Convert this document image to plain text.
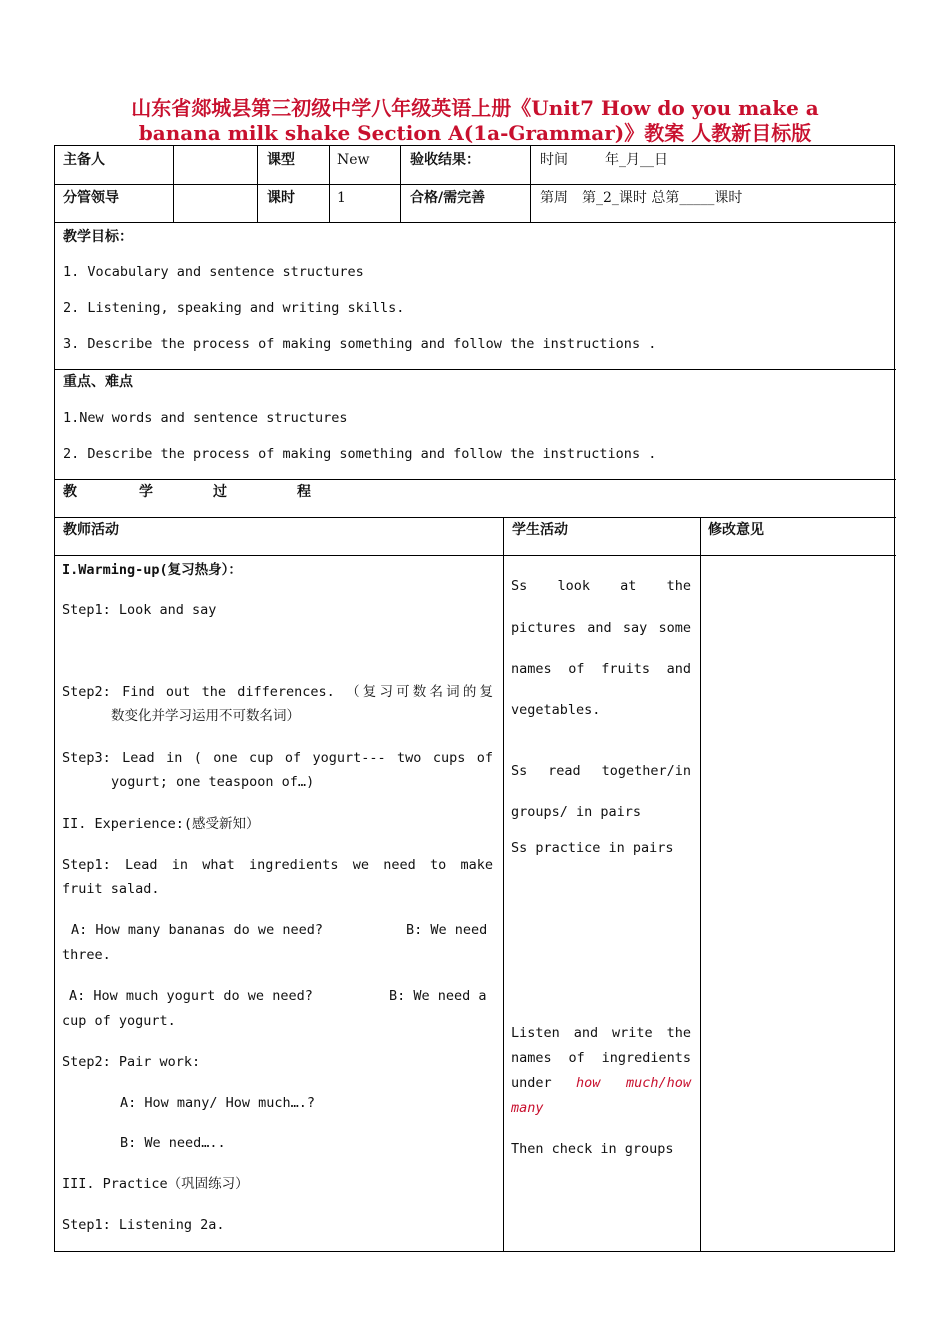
山东省郯城县第三初级中学八年级英语上册《Unit7 How do you make a
banana milk shake Section A(1a-Grammar)》教案 人教新目标版
主备人	课型	New	验收结果：	时间	年_月__日
分管领导	课时	1	合格/需完善	第周　第_2_课时 总第_____课时
教学目标：
1. Vocabulary and sentence structures
2. Listening, speaking and writing skills.
3. Describe the process of making something and follow the instructions .
重点、难点
1.New words and sentence structures
2. Describe the process of making something and follow the instructions .
教	学	过	程
教师活动	学生活动	修改意见
I.Warming-up(复习热身）：
Step1: Look and say
Step2: Find out the differences. （复习可数名词的复
数变化并学习运用不可数名词）
Step3: Lead in ( one cup of yogurt--- two cups of
yogurt; one teaspoon of…)
II. Experience:(感受新知）
Step1: Lead in what ingredients we need to make
fruit salad.
A: How many bananas do we need?	B: We need
three.
A: How much yogurt do we need?	B: We need a
cup of yogurt.
Step2: Pair work:
A: How many/ How much….?
B: We need…..
III. Practice（巩固练习）
Step1: Listening 2a.
Ss look at the
pictures and say some
names of fruits and
vegetables.
Ss read together/in
groups/ in pairs
Ss practice in pairs
Listen and write the
names of ingredients
under how much/how
many
Then check in groups
